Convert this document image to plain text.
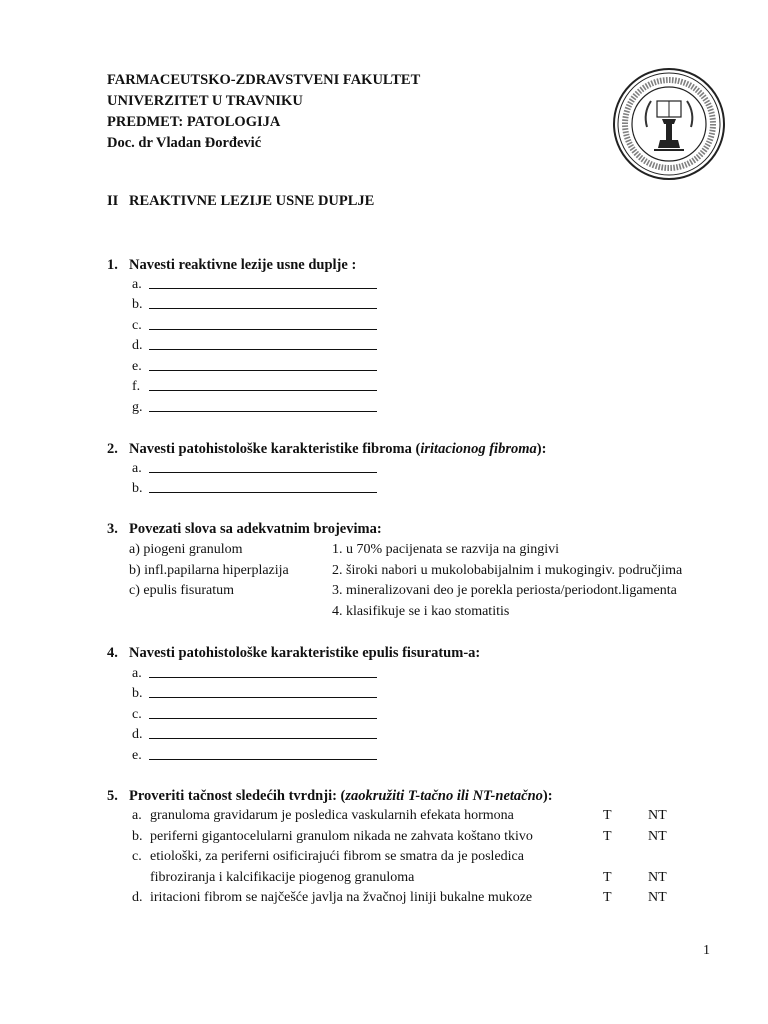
FARMACEUTSKO-ZDRAVSTVENI FAKULTET
UNIVERZITET U TRAVNIKU
PREDMET: PATOLOGIJA
Doc. dr Vladan Đorđević
II REAKTIVNE LEZIJE USNE DUPLJE
1. Navesti reaktivne lezije usne duplje :
a.
b.
c.
d.
e.
f.
g.
2. Navesti patohistološke karakteristike fibroma (iritacionog fibroma):
a.
b.
3. Povezati slova sa adekvatnim brojevima:
a) piogeni granulom	1. u 70% pacijenata se razvija na gingivi
b) infl.papilarna hiperplazija	2. široki nabori u mukolobabijalnim i mukogingiv. područjima
c) epulis fisuratum	3. mineralizovani deo je porekla periosta/periodont.ligamenta
4. klasifikuje se i kao stomatitis
4. Navesti patohistološke karakteristike epulis fisuratum-a:
a.
b.
c.
d.
e.
5. Proveriti tačnost sledećih tvrdnji: (zaokružiti T-tačno ili NT-netačno):
a. granuloma gravidarum je posledica vaskularnih efekata hormona	T	NT
b. periferni gigantocelularni granulom nikada ne zahvata koštano tkivo	T	NT
c. etiološki, za periferni osificirajući fibrom se smatra da je posledica
fibroziranja i kalcifikacije piogenog granuloma	T	NT
d. iritacioni fibrom se najčešće javlja na žvačnoj liniji bukalne mukoze	T	NT
1
